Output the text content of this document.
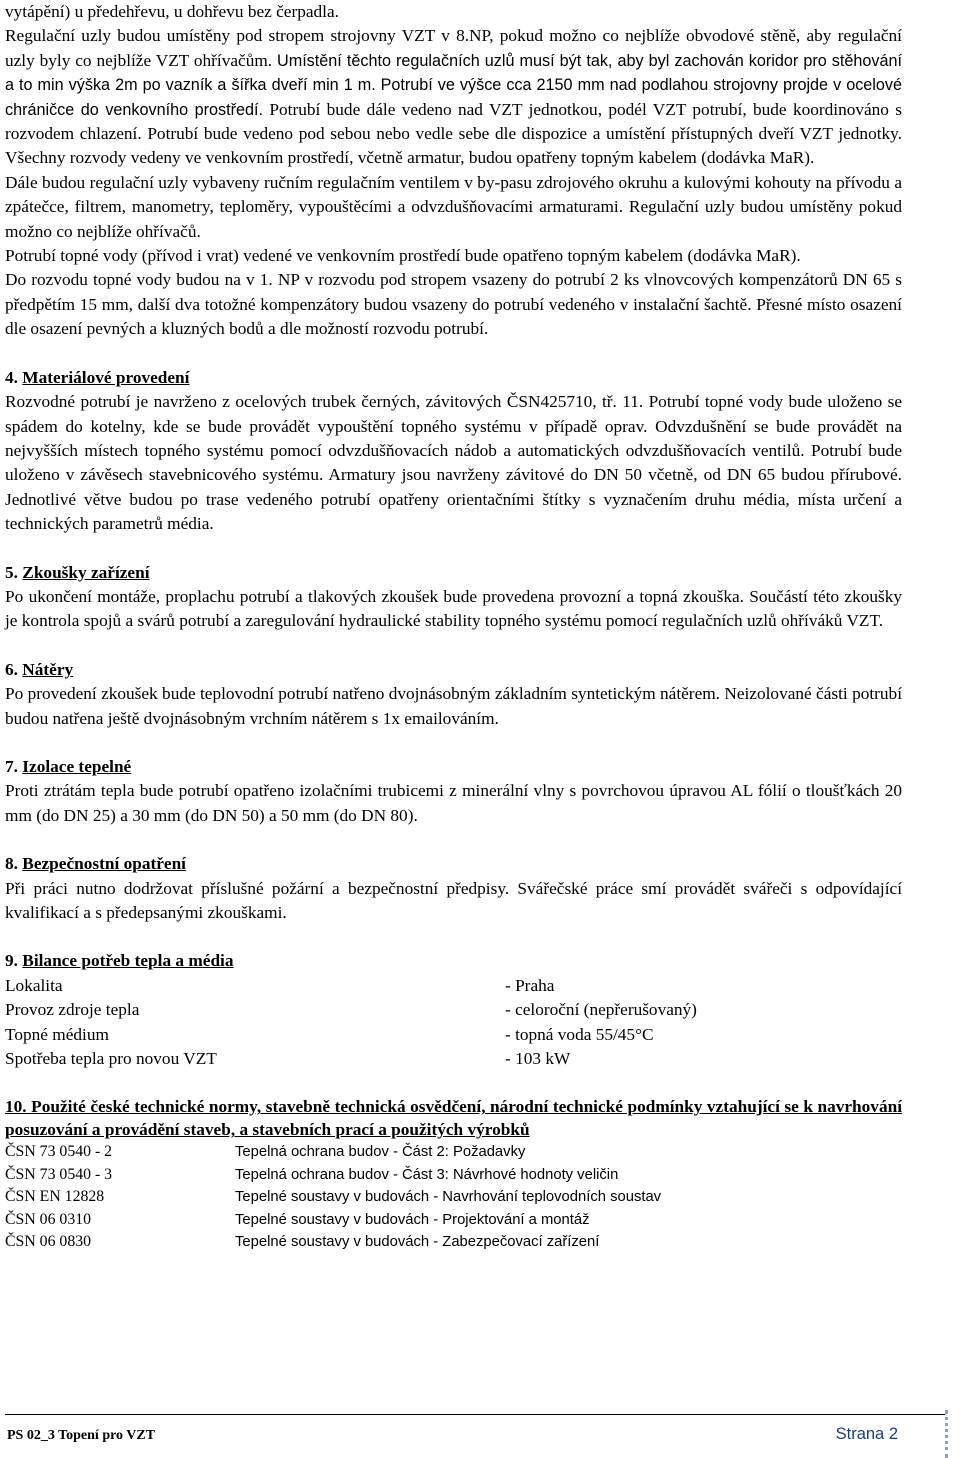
vytápění) u předehřevu, u dohřevu bez čerpadla.

Regulační uzly budou umístěny pod stropem strojovny VZT v 8.NP, pokud možno co nejblíže obvodové stěně, aby regulační uzly byly co nejblíže VZT ohřívačům. Umístění těchto regulačních uzlů musí být tak, aby byl zachován koridor pro stěhování a to min výška 2m po vazník a šířka dveří min 1 m. Potrubí ve výšce cca 2150 mm nad podlahou strojovny projde v ocelové chráničce do venkovního prostředí. Potrubí bude dále vedeno nad VZT jednotkou, podél VZT potrubí, bude koordinováno s rozvodem chlazení. Potrubí bude vedeno pod sebou nebo vedle sebe dle dispozice a umístění přístupných dveří VZT jednotky. Všechny rozvody vedeny ve venkovním prostředí, včetně armatur, budou opatřeny topným kabelem (dodávka MaR).

Dále budou regulační uzly vybaveny ručním regulačním ventilem v by-pasu zdrojového okruhu a kulovými kohouty na přívodu a zpátečce, filtrem, manometry, teploměry, vypouštěcími a odvzdušňovacími armaturami. Regulační uzly budou umístěny pokud možno co nejblíže ohřívačů.

Potrubí topné vody (přívod i vrat) vedené ve venkovním prostředí bude opatřeno topným kabelem (dodávka MaR).

Do rozvodu topné vody budou na v 1. NP v rozvodu pod stropem vsazeny do potrubí 2 ks vlnovcových kompenzátorů DN 65 s předpětím 15 mm, další dva totožné kompenzátory budou vsazeny do potrubí vedeného v instalační šachtě. Přesné místo osazení dle osazení pevných a kluzných bodů a dle možností rozvodu potrubí.

4. Materiálové provedení

Rozvodné potrubí je navrženo z ocelových trubek černých, závitových ČSN425710, tř. 11. Potrubí topné vody bude uloženo se spádem do kotelny, kde se bude provádět vypouštění topného systému v případě oprav. Odvzdušnění se bude provádět na nejvyšších místech topného systému pomocí odvzdušňovacích nádob a automatických odvzdušňovacích ventilů. Potrubí bude uloženo v závěsech stavebnicového systému. Armatury jsou navrženy závitové do DN 50 včetně, od DN 65 budou přírubové. Jednotlivé větve budou po trase vedeného potrubí opatřeny orientačními štítky s vyznačením druhu média, místa určení a technických parametrů média.

5. Zkoušky zařízení

Po ukončení montáže, proplachu potrubí a tlakových zkoušek bude provedena provozní a topná zkouška. Součástí této zkoušky je kontrola spojů a svárů potrubí a zaregulování hydraulické stability topného systému pomocí regulačních uzlů ohříváků VZT.

6. Nátěry

Po provedení zkoušek bude teplovodní potrubí natřeno dvojnásobným základním syntetickým nátěrem. Neizolované části potrubí budou natřena ještě dvojnásobným vrchním nátěrem s 1x emailováním.

7. Izolace tepelné

Proti ztrátám tepla bude potrubí opatřeno izolačními trubicemi z minerální vlny s povrchovou úpravou AL fólií o tloušťkách 20 mm (do DN 25) a 30 mm (do DN 50) a 50 mm (do DN 80).

8. Bezpečnostní opatření

Při práci nutno dodržovat příslušné požární a bezpečnostní předpisy. Svářečské práce smí provádět svářeči s odpovídající kvalifikací a s předepsanými zkouškami.

9. Bilance potřeb tepla a média

Lokalita	- Praha
Provoz zdroje tepla	- celoroční (nepřerušovaný)
Topné médium	- topná voda 55/45°C
Spotřeba tepla pro novou VZT	- 103 kW

10. Použité české technické normy, stavebně technická osvědčení, národní technické podmínky vztahující se k navrhování posuzování a provádění staveb, a stavebních prací a použitých výrobků

ČSN 73 0540 - 2	Tepelná ochrana budov - Část 2: Požadavky
ČSN 73 0540 - 3	Tepelná ochrana budov - Část 3: Návrhové hodnoty veličin
ČSN EN 12828	Tepelné soustavy v budovách - Navrhování teplovodních soustav
ČSN 06 0310	Tepelné soustavy v budovách - Projektování a montáž
ČSN 06 0830	Tepelné soustavy v budovách - Zabezpečovací zařízení
PS 02_3 Topení pro VZT	Strana 2
